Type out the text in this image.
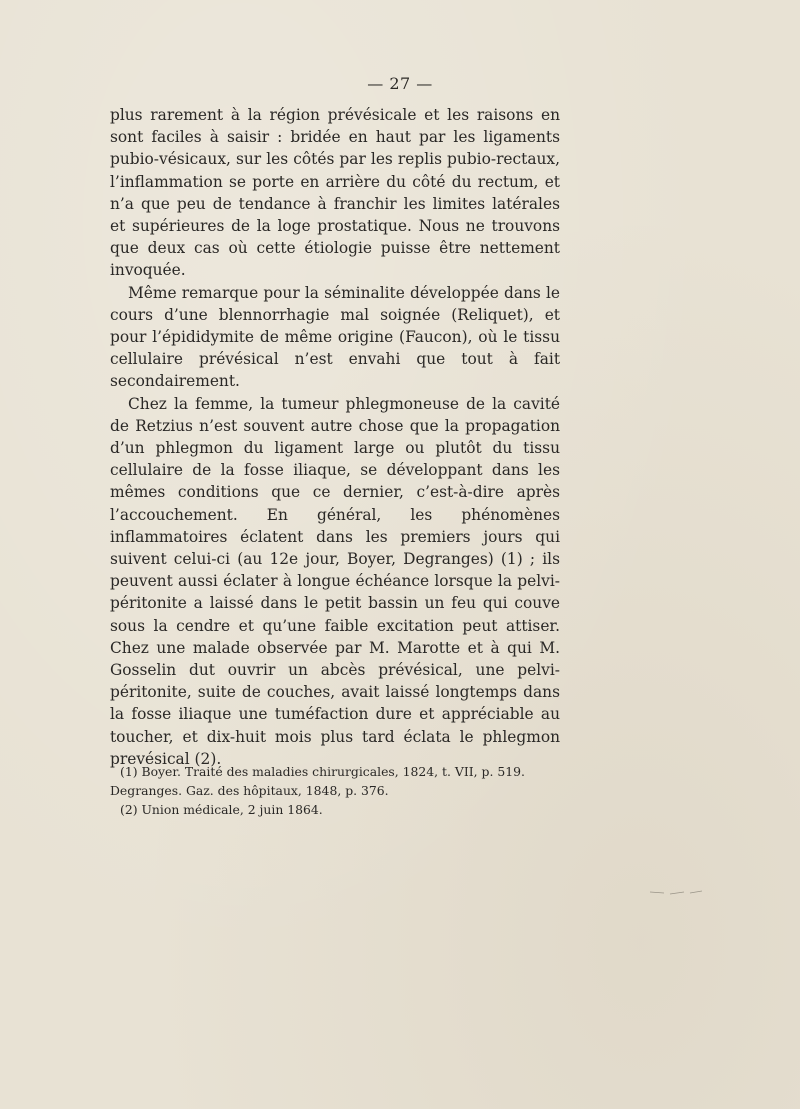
— 27 —

plus rarement à la région prévésicale et les raisons en sont faciles à saisir : bridée en haut par les ligaments pubio-vésicaux, sur les côtés par les replis pubio-rectaux, l’inflammation se porte en arrière du côté du rectum, et n’a que peu de tendance à franchir les limites latérales et supérieures de la loge prostatique. Nous ne trouvons que deux cas où cette étiologie puisse être nettement invoquée.

Même remarque pour la séminalite développée dans le cours d’une blennorrhagie mal soignée (Reliquet), et pour l’épididymite de même origine (Faucon), où le tissu cellulaire prévésical n’est envahi que tout à fait secondairement.

Chez la femme, la tumeur phlegmoneuse de la cavité de Retzius n’est souvent autre chose que la propagation d’un phlegmon du ligament large ou plutôt du tissu cellulaire de la fosse iliaque, se développant dans les mêmes conditions que ce dernier, c’est-à-dire après l’accouchement. En général, les phénomènes inflammatoires éclatent dans les premiers jours qui suivent celui-ci (au 12e jour, Boyer, Degranges) (1) ; ils peuvent aussi éclater à longue échéance lorsque la pelvi-péritonite a laissé dans le petit bassin un feu qui couve sous la cendre et qu’une faible excitation peut attiser. Chez une malade observée par M. Marotte et à qui M. Gosselin dut ouvrir un abcès prévésical, une pelvi-péritonite, suite de couches, avait laissé longtemps dans la fosse iliaque une tuméfaction dure et appréciable au toucher, et dix-huit mois plus tard éclata le phlegmon prevésical (2).

(1) Boyer. Traité des maladies chirurgicales, 1824, t. VII, p. 519. Degranges. Gaz. des hôpitaux, 1848, p. 376.

(2) Union médicale, 2 juin 1864.
